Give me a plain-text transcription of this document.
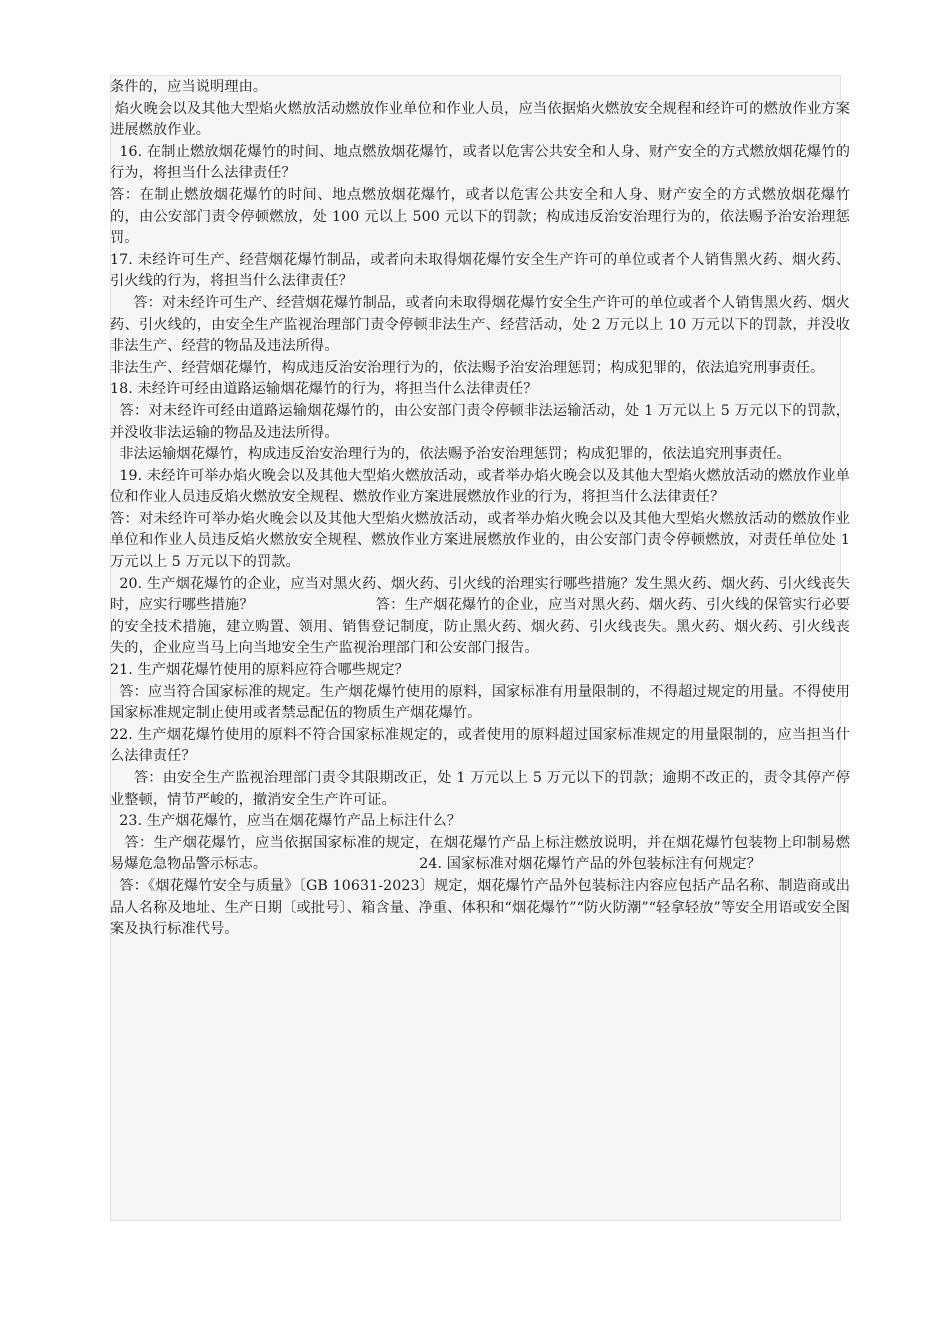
条件的，应当说明理由。

焰火晚会以及其他大型焰火燃放活动燃放作业单位和作业人员，应当依据焰火燃放安全规程和经许可的燃放作业方案进展燃放作业。

16. 在制止燃放烟花爆竹的时间、地点燃放烟花爆竹，或者以危害公共安全和人身、财产安全的方式燃放烟花爆竹的行为，将担当什么法律责任？

答：在制止燃放烟花爆竹的时间、地点燃放烟花爆竹，或者以危害公共安全和人身、财产安全的方式燃放烟花爆竹的，由公安部门责令停顿燃放，处 100 元以上 500 元以下的罚款；构成违反治安治理行为的，依法赐予治安治理惩罚。

17. 未经许可生产、经营烟花爆竹制品，或者向未取得烟花爆竹安全生产许可的单位或者个人销售黑火药、烟火药、引火线的行为，将担当什么法律责任？

答：对未经许可生产、经营烟花爆竹制品，或者向未取得烟花爆竹安全生产许可的单位或者个人销售黑火药、烟火药、引火线的，由安全生产监视治理部门责令停顿非法生产、经营活动，处 2 万元以上 10 万元以下的罚款，并没收非法生产、经营的物品及违法所得。

非法生产、经营烟花爆竹，构成违反治安治理行为的，依法赐予治安治理惩罚；构成犯罪的，依法追究刑事责任。

18. 未经许可经由道路运输烟花爆竹的行为，将担当什么法律责任？

答：对未经许可经由道路运输烟花爆竹的，由公安部门责令停顿非法运输活动，处 1 万元以上 5 万元以下的罚款，并没收非法运输的物品及违法所得。

非法运输烟花爆竹，构成违反治安治理行为的，依法赐予治安治理惩罚；构成犯罪的，依法追究刑事责任。

19. 未经许可举办焰火晚会以及其他大型焰火燃放活动，或者举办焰火晚会以及其他大型焰火燃放活动的燃放作业单位和作业人员违反焰火燃放安全规程、燃放作业方案进展燃放作业的行为，将担当什么法律责任？

答：对未经许可举办焰火晚会以及其他大型焰火燃放活动，或者举办焰火晚会以及其他大型焰火燃放活动的燃放作业单位和作业人员违反焰火燃放安全规程、燃放作业方案进展燃放作业的，由公安部门责令停顿燃放，对责任单位处 1 万元以上 5 万元以下的罚款。

20. 生产烟花爆竹的企业，应当对黑火药、烟火药、引火线的治理实行哪些措施？发生黑火药、烟火药、引火线丧失时，应实行哪些措施？                          答：生产烟花爆竹的企业，应当对黑火药、烟火药、引火线的保管实行必要的安全技术措施，建立购置、领用、销售登记制度，防止黑火药、烟火药、引火线丧失。黑火药、烟火药、引火线丧失的，企业应当马上向当地安全生产监视治理部门和公安部门报告。

21. 生产烟花爆竹使用的原料应符合哪些规定？

答：应当符合国家标准的规定。生产烟花爆竹使用的原料，国家标准有用量限制的，不得超过规定的用量。不得使用国家标准规定制止使用或者禁忌配伍的物质生产烟花爆竹。

22. 生产烟花爆竹使用的原料不符合国家标准规定的，或者使用的原料超过国家标准规定的用量限制的，应当担当什么法律责任？

答：由安全生产监视治理部门责令其限期改正，处 1 万元以上 5 万元以下的罚款；逾期不改正的，责令其停产停业整顿，情节严峻的，撤消安全生产许可证。

23. 生产烟花爆竹，应当在烟花爆竹产品上标注什么？

答：生产烟花爆竹，应当依据国家标准的规定，在烟花爆竹产品上标注燃放说明，并在烟花爆竹包装物上印制易燃易爆危急物品警示标志。                                 24. 国家标准对烟花爆竹产品的外包装标注有何规定？

答：《烟花爆竹安全与质量》〔GB 10631-2023〕规定，烟花爆竹产品外包装标注内容应包括产品名称、制造商或出品人名称及地址、生产日期〔或批号〕、箱含量、净重、体积和“烟花爆竹”“防火防潮”“轻拿轻放”等安全用语或安全图案及执行标准代号。
